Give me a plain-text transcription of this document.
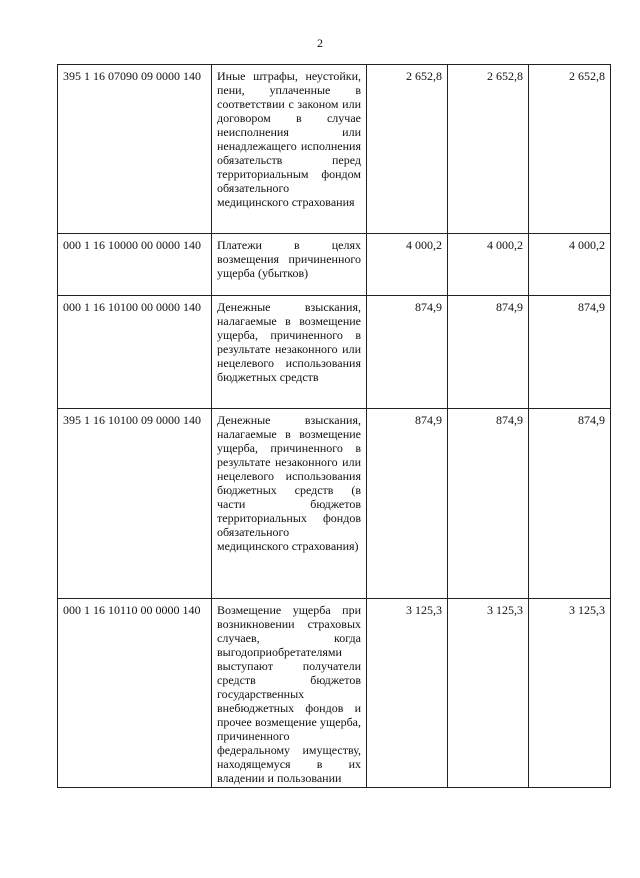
2
395 1 16 07090 09 0000 140	Иные штрафы, неустойки, пени, уплаченные в соответствии с законом или договором в случае неисполнения или ненадлежащего исполнения обязательств перед территориальным фондом обязательного медицинского страхования	2 652,8	2 652,8	2 652,8
000 1 16 10000 00 0000 140	Платежи в целях возмещения причиненного ущерба (убытков)	4 000,2	4 000,2	4 000,2
000 1 16 10100 00 0000 140	Денежные взыскания, налагаемые в возмещение ущерба, причиненного в результате незаконного или нецелевого использования бюджетных средств	874,9	874,9	874,9
395 1 16 10100 09 0000 140	Денежные взыскания, налагаемые в возмещение ущерба, причиненного в результате незаконного или нецелевого использования бюджетных средств (в части бюджетов территориальных фондов обязательного медицинского страхования)	874,9	874,9	874,9
000 1 16 10110 00 0000 140	Возмещение ущерба при возникновении страховых случаев, когда выгодоприобретателями выступают получатели средств бюджетов государственных внебюджетных фондов и прочее возмещение ущерба, причиненного федеральному имуществу, находящемуся в их владении и пользовании	3 125,3	3 125,3	3 125,3
